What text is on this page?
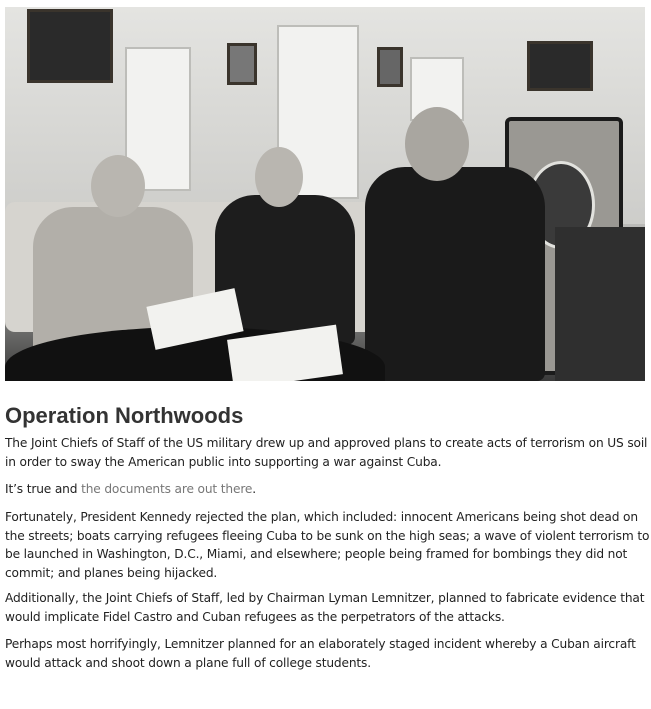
Operation Northwoods

The Joint Chiefs of Staff of the US military drew up and approved plans to create acts of terrorism on US soil in order to sway the American public into supporting a war against Cuba.

It’s true and the documents are out there.

Fortunately, President Kennedy rejected the plan, which included: innocent Americans being shot dead on the streets; boats carrying refugees fleeing Cuba to be sunk on the high seas; a wave of violent terrorism to be launched in Washington, D.C., Miami, and elsewhere; people being framed for bombings they did not commit; and planes being hijacked.

Additionally, the Joint Chiefs of Staff, led by Chairman Lyman Lemnitzer, planned to fabricate evidence that would implicate Fidel Castro and Cuban refugees as the perpetrators of the attacks.

Perhaps most horrifyingly, Lemnitzer planned for an elaborately staged incident whereby a Cuban aircraft would attack and shoot down a plane full of college students.
